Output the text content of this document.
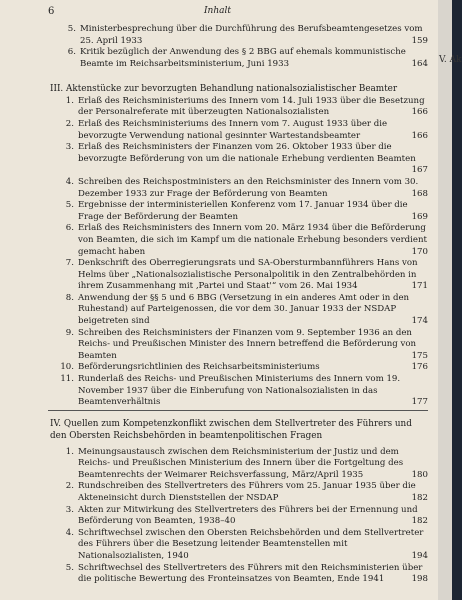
6	Inhalt
5. Ministerbesprechung über die Durchführung des Berufsbeamtengesetzes vom 25. April 1933	159
6. Kritik bezüglich der Anwendung des § 2 BBG auf ehemals kommunistische Beamte im Reichsarbeitsministerium, Juni 1933	164
III. Aktenstücke zur bevorzugten Behandlung nationalsozialistischer Beamter
1. Erlaß des Reichsministeriums des Innern vom 14. Juli 1933 über die Besetzung der Personalreferate mit überzeugten Nationalsozialisten	166
2. Erlaß des Reichsministeriums des Innern vom 7. August 1933 über die bevorzugte Verwendung national gesinnter Wartestandsbeamter	166
3. Erlaß des Reichsministers der Finanzen vom 26. Oktober 1933 über die bevorzugte Beförderung von um die nationale Erhebung verdienten Beamten
167
4. Schreiben des Reichspostministers an den Reichsminister des Innern vom 30. Dezember 1933 zur Frage der Beförderung von Beamten	168
5. Ergebnisse der interministeriellen Konferenz vom 17. Januar 1934 über die Frage der Beförderung der Beamten	169
6. Erlaß des Reichsministers des Innern vom 20. März 1934 über die Beförderung von Beamten, die sich im Kampf um die nationale Erhebung besonders verdient gemacht haben	170
7. Denkschrift des Oberregierungsrats und SA-Obersturmbannführers Hans von Helms über „Nationalsozialistische Personalpolitik in den Zentralbehörden in ihrem Zusammenhang mit ‚Partei und Staat'“ vom 26. Mai 1934	171
8. Anwendung der §§ 5 und 6 BBG (Versetzung in ein anderes Amt oder in den Ruhestand) auf Parteigenossen, die vor dem 30. Januar 1933 der NSDAP beigetreten sind	174
9. Schreiben des Reichsministers der Finanzen vom 9. September 1936 an den Reichs- und Preußischen Minister des Innern betreffend die Beförderung von Beamten	175
10. Beförderungsrichtlinien des Reichsarbeitsministeriums	176
11. Runderlaß des Reichs- und Preußischen Ministeriums des Innern vom 19. November 1937 über die Einberufung von Nationalsozialisten in das Beamtenverhältnis	177
IV. Quellen zum Kompetenzkonflikt zwischen dem Stellvertreter des Führers und den Obersten Reichsbehörden in beamtenpolitischen Fragen
1. Meinungsaustausch zwischen dem Reichsministerium der Justiz und dem Reichs- und Preußischen Ministerium des Innern über die Fortgeltung des Beamtenrechts der Weimarer Reichsverfassung, März/April 1935	180
2. Rundschreiben des Stellvertreters des Führers vom 25. Januar 1935 über die Akteneinsicht durch Dienststellen der NSDAP	182
3. Akten zur Mitwirkung des Stellvertreters des Führers bei der Ernennung und Beförderung von Beamten, 1938–40	182
4. Schriftwechsel zwischen den Obersten Reichsbehörden und dem Stellvertreter des Führers über die Besetzung leitender Beamtenstellen mit Nationalsozialisten, 1940	194
5. Schriftwechsel des Stellvertreters des Führers mit den Reichsministerien über die politische Bewertung des Fronteinsatzes von Beamten, Ende 1941	198
V. Ak
